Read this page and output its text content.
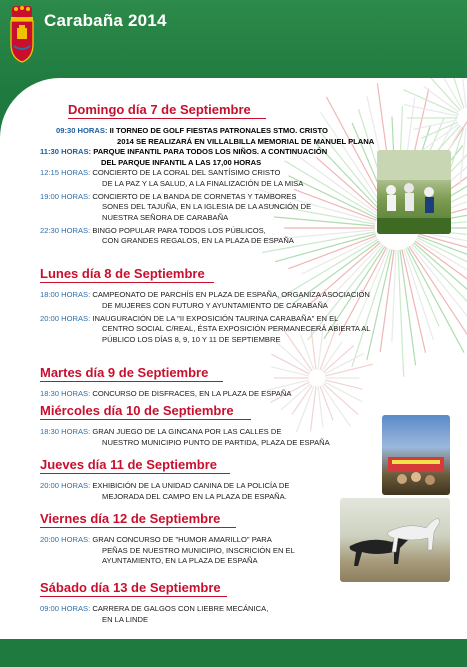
Carabaña 2014
Domingo día 7 de Septiembre
09:30 HORAS: II TORNEO DE GOLF FIESTAS PATRONALES STMO. CRISTO
2014 SE REALIZARÁ EN VILLALBILLA MEMORIAL DE MANUEL PLANA
11:30 HORAS: PARQUE INFANTIL PARA TODOS LOS NIÑOS. A CONTINUACIÓN
DEL PARQUE INFANTIL A LAS 17,00 HORAS
12:15 HORAS: CONCIERTO DE LA CORAL DEL SANTÍSIMO CRISTO
DE LA PAZ Y LA SALUD, A LA FINALIZACIÓN DE LA MISA
19:00 HORAS: CONCIERTO DE LA BANDA DE CORNETAS Y TAMBORES
SONES DEL TAJUÑA, EN LA IGLESIA DE LA ASUNCIÓN DE
NUESTRA SEÑORA DE CARABAÑA
22:30 HORAS: BINGO POPULAR PARA TODOS LOS PÚBLICOS,
CON GRANDES REGALOS, EN LA PLAZA DE ESPAÑA
Lunes día 8 de Septiembre
18:00 HORAS: CAMPEONATO DE PARCHÍS EN PLAZA DE ESPAÑA, ORGANIZA ASOCIACIÓN
DE MUJERES CON FUTURO Y AYUNTAMIENTO DE CARABAÑA
20:00 HORAS: INAUGURACIÓN DE LA "II EXPOSICIÓN TAURINA CARABAÑA" EN EL
CENTRO SOCIAL C/REAL, ÉSTA EXPOSICIÓN PERMANECERÁ ABIERTA AL
PÚBLICO LOS DÍAS 8, 9, 10 Y 11 DE SEPTIEMBRE
Martes día 9 de Septiembre
18:30 HORAS: CONCURSO DE DISFRACES, EN LA PLAZA DE ESPAÑA
Miércoles día 10 de Septiembre
18:30 HORAS: GRAN JUEGO DE LA GINCANA POR LAS CALLES DE
NUESTRO MUNICIPIO PUNTO DE PARTIDA, PLAZA DE ESPAÑA
Jueves día 11 de Septiembre
20:00 HORAS: EXHIBICIÓN DE LA UNIDAD CANINA DE LA POLICÍA DE
MEJORADA DEL CAMPO EN LA PLAZA DE ESPAÑA.
Viernes día 12 de Septiembre
20:00 HORAS: GRAN CONCURSO DE "HUMOR AMARILLO" PARA
PEÑAS DE NUESTRO MUNICIPIO, INSCRICIÓN EN EL
AYUNTAMIENTO, EN LA PLAZA DE ESPAÑA
Sábado día 13 de Septiembre
09:00 HORAS: CARRERA DE GALGOS CON LIEBRE MECÁNICA,
EN LA LINDE
